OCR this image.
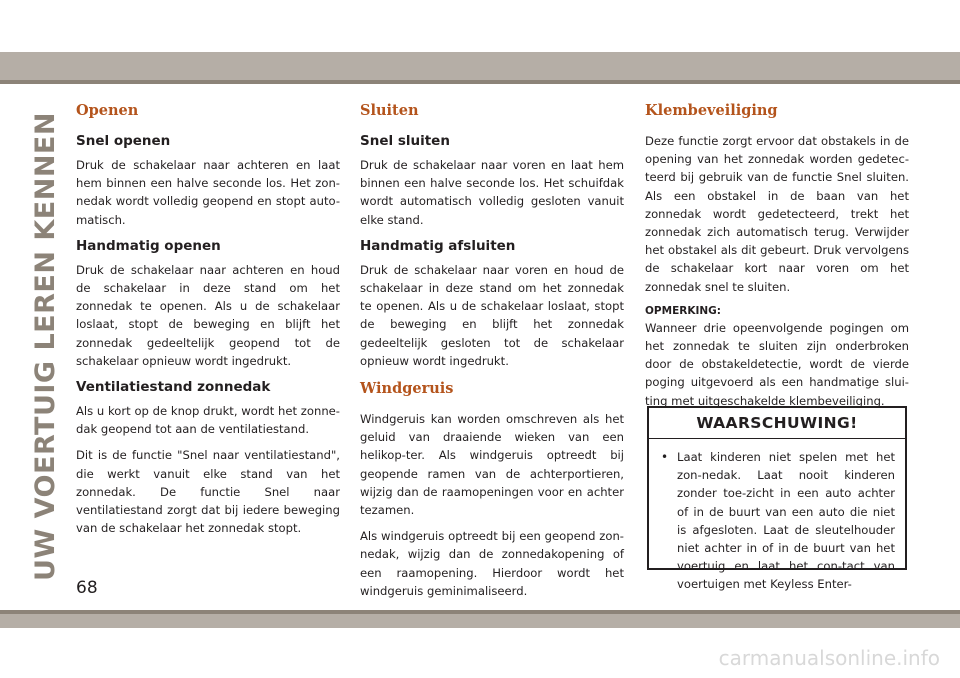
UW VOERTUIG LEREN KENNEN
Openen
Snel openen

Druk de schakelaar naar achteren en laat hem binnen een halve seconde los. Het zon-nedak wordt volledig geopend en stopt auto-matisch.

Handmatig openen

Druk de schakelaar naar achteren en houd de schakelaar in deze stand om het zonnedak te openen. Als u de schakelaar loslaat, stopt de beweging en blijft het zonnedak gedeeltelijk geopend tot de schakelaar opnieuw wordt ingedrukt.

Ventilatiestand zonnedak

Als u kort op de knop drukt, wordt het zonne-dak geopend tot aan de ventilatiestand.

Dit is de functie "Snel naar ventilatiestand", die werkt vanuit elke stand van het zonnedak. De functie Snel naar ventilatiestand zorgt dat bij iedere beweging van de schakelaar het zonnedak stopt.

Sluiten
Snel sluiten

Druk de schakelaar naar voren en laat hem binnen een halve seconde los. Het schuifdak wordt automatisch volledig gesloten vanuit elke stand.

Handmatig afsluiten

Druk de schakelaar naar voren en houd de schakelaar in deze stand om het zonnedak te openen. Als u de schakelaar loslaat, stopt de beweging en blijft het zonnedak gedeeltelijk gesloten tot de schakelaar opnieuw wordt ingedrukt.

Windgeruis

Windgeruis kan worden omschreven als het geluid van draaiende wieken van een helikop-ter. Als windgeruis optreedt bij geopende ramen van de achterportieren, wijzig dan de raamopeningen voor en achter tezamen.

Als windgeruis optreedt bij een geopend zon-nedak, wijzig dan de zonnedakopening of een raamopening. Hierdoor wordt het windgeruis geminimaliseerd.

Klembeveiliging

Deze functie zorgt ervoor dat obstakels in de opening van het zonnedak worden gedetec-teerd bij gebruik van de functie Snel sluiten. Als een obstakel in de baan van het zonnedak wordt gedetecteerd, trekt het zonnedak zich automatisch terug. Verwijder het obstakel als dit gebeurt. Druk vervolgens de schakelaar kort naar voren om het zonnedak snel te sluiten.

OPMERKING:

Wanneer drie opeenvolgende pogingen om het zonnedak te sluiten zijn onderbroken door de obstakeldetectie, wordt de vierde poging uitgevoerd als een handmatige slui-ting met uitgeschakelde klembeveiliging.

WAARSCHUWING!
• Laat kinderen niet spelen met het zon-nedak. Laat nooit kinderen zonder toe-zicht in een auto achter of in de buurt van een auto die niet is afgesloten. Laat de sleutelhouder niet achter in of in de buurt van het voertuig en laat het con-tact van voertuigen met Keyless Enter-

68
carmanualsonline.info
